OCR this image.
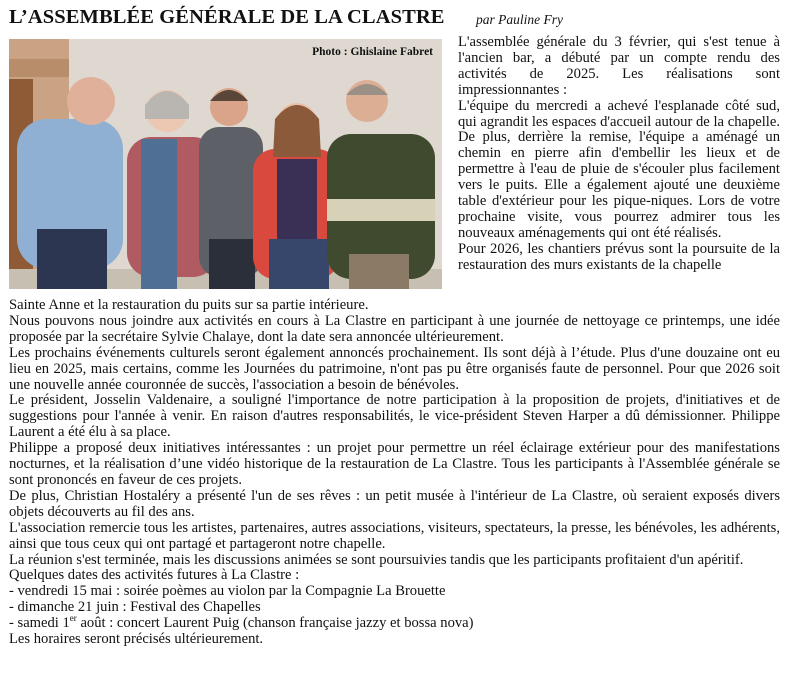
L’ASSEMBLÉE GÉNÉRALE DE LA CLASTRE par Pauline Fry
Photo : Ghislaine Fabret

L'assemblée générale du 3 février, qui s'est tenue à l'ancien bar, a débuté par un compte rendu des activités de 2025. Les réalisations sont impressionnantes :

L'équipe du mercredi a achevé l'esplanade côté sud, qui agrandit les espaces d'accueil autour de la chapelle. De plus, derrière la remise, l'équipe a aménagé un chemin en pierre afin d'embellir les lieux et de permettre à l'eau de pluie de s'écouler plus facilement vers le puits. Elle a également ajouté une deuxième table d'extérieur pour les pique-niques. Lors de votre prochaine visite, vous pourrez admirer tous les nouveaux aménagements qui ont été réalisés.

Pour 2026, les chantiers prévus sont la poursuite de la restauration des murs existants de la chapelle

Sainte Anne et la restauration du puits sur sa partie intérieure.

Nous pouvons nous joindre aux activités en cours à La Clastre en participant à une journée de nettoyage ce printemps, une idée proposée par la secrétaire Sylvie Chalaye, dont la date sera annoncée ultérieurement.

Les prochains événements culturels seront également annoncés prochainement. Ils sont déjà à l’étude. Plus d'une douzaine ont eu lieu en 2025, mais certains, comme les Journées du patrimoine, n'ont pas pu être organisés faute de personnel. Pour que 2026 soit une nouvelle année couronnée de succès, l'association a besoin de bénévoles.

Le président, Josselin Valdenaire, a souligné l'importance de notre participation à la proposition de projets, d'initiatives et de suggestions pour l'année à venir. En raison d'autres responsabilités, le vice-président Steven Harper a dû démissionner. Philippe Laurent a été élu à sa place.

Philippe a proposé deux initiatives intéressantes : un projet pour permettre un réel éclairage extérieur pour des manifestations nocturnes, et la réalisation d’une vidéo historique de la restauration de La Clastre. Tous les participants à l'Assemblée générale se sont prononcés en faveur de ces projets.

De plus, Christian Hostaléry a présenté l'un de ses rêves : un petit musée à l'intérieur de La Clastre, où seraient exposés divers objets découverts au fil des ans.

L'association remercie tous les artistes, partenaires, autres associations, visiteurs, spectateurs, la presse, les bénévoles, les adhérents, ainsi que tous ceux qui ont partagé et partageront notre chapelle.

La réunion s'est terminée, mais les discussions animées se sont poursuivies tandis que les participants profitaient d'un apéritif.

Quelques dates des activités futures à La Clastre :

- vendredi 15 mai : soirée poèmes au violon par la Compagnie La Brouette

- dimanche 21 juin : Festival des Chapelles

- samedi 1er août : concert Laurent Puig (chanson française jazzy et bossa nova)

Les horaires seront précisés ultérieurement.
